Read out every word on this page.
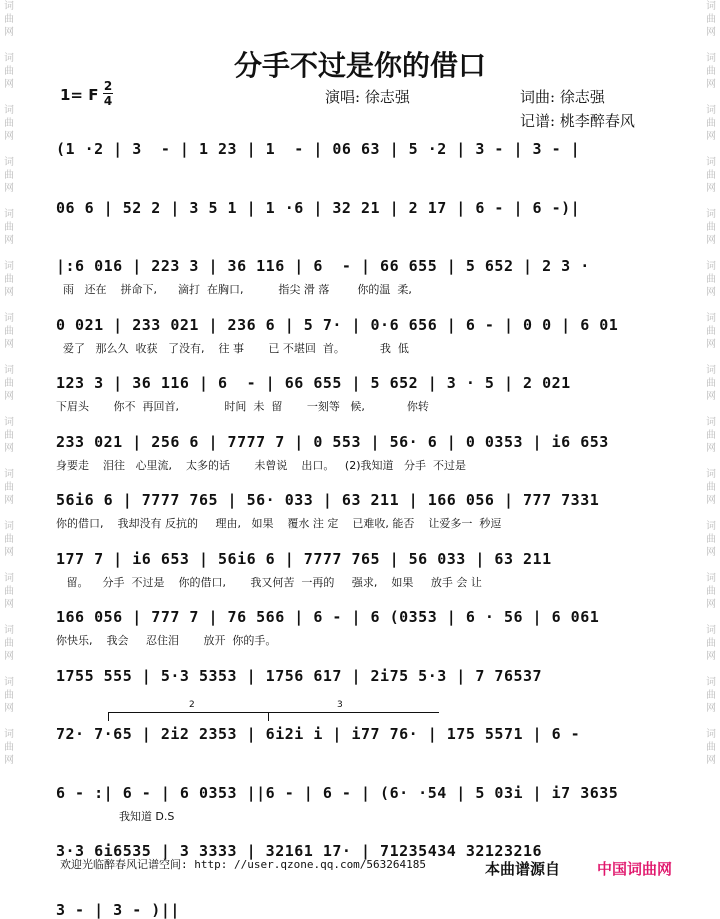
词
曲
网

词
曲
网

词
曲
网

词
曲
网

词
曲
网

词
曲
网

词
曲
网

词
曲
网

词
曲
网

词
曲
网

词
曲
网

词
曲
网

词
曲
网

词
曲
网

词
曲
网
词
曲
网

词
曲
网

词
曲
网

词
曲
网

词
曲
网

词
曲
网

词
曲
网

词
曲
网

词
曲
网

词
曲
网

词
曲
网

词
曲
网

词
曲
网

词
曲
网

词
曲
网
分手不过是你的借口
1= F 2
4	演唱: 徐志强	词曲: 徐志强
记谱: 桃李醉春风
(1 ·2 | 3  - | 1 23 | 1  - | 06 63 | 5 ·2 | 3 - | 3 - |
06 6 | 52 2 | 3 5 1 | 1 ·6 | 32 21 | 2 17 | 6 - | 6 -)|
|:6 016 | 223 3 | 36 116 | 6  - | 66 655 | 5 652 | 2 3 ·
雨   还在    拼命下,      滴打  在胸口,          指尖 滑 落        你的温  柔,
0 021 | 233 021 | 236 6 | 5 7· | 0·6 656 | 6 - | 0 0 | 6 01
爱了   那么久  收获   了没有,    往 事       已 不堪回  首。          我  低
123 3 | 36 116 | 6  - | 66 655 | 5 652 | 3 · 5 | 2 021
下眉头       你不  再回首,             时间  未  留       一刻等   候,            你转
233 021 | 256 6 | 7777 7 | 0 553 | 56· 6 | 0 0353 | i6 653
身要走    泪往   心里流,    太多的话       未曾说    出口。   (2)我知道   分手  不过是
56i6 6 | 7777 765 | 56· 033 | 63 211 | 166 056 | 777 7331
你的借口,    我却没有 反抗的     理由,   如果    覆水 注 定    已难收, 能否    让爱多一  秒逗
177 7 | i6 653 | 56i6 6 | 7777 765 | 56 033 | 63 211
留。    分手  不过是    你的借口,       我又何苦  一再的     强求,    如果     放手 会 让
166 056 | 777 7 | 76 566 | 6 - | 6 (0353 | 6 · 56 | 6 061
你快乐,    我会     忍住泪       放开  你的手。
1755 555 | 5·3 5353 | 1756 617 | 2i75 5·3 | 7 76537
72· 7·65 | 2i2 2353 | 6i2i i | i77 76· | 175 5571 | 6 -
6 - :| 6 - | 6 0353 ||6 - | 6 - | (6· ·54 | 5 03i | i7 3635
我知道 D.S
3·3 6i6535 | 3 3333 | 32161 17· | 71235434 32123216
3 - | 3 - )||
2	3
欢迎光临醉春风记谱空间: http: //user.qzone.qq.com/563264185	本曲谱源自 中国词曲网
